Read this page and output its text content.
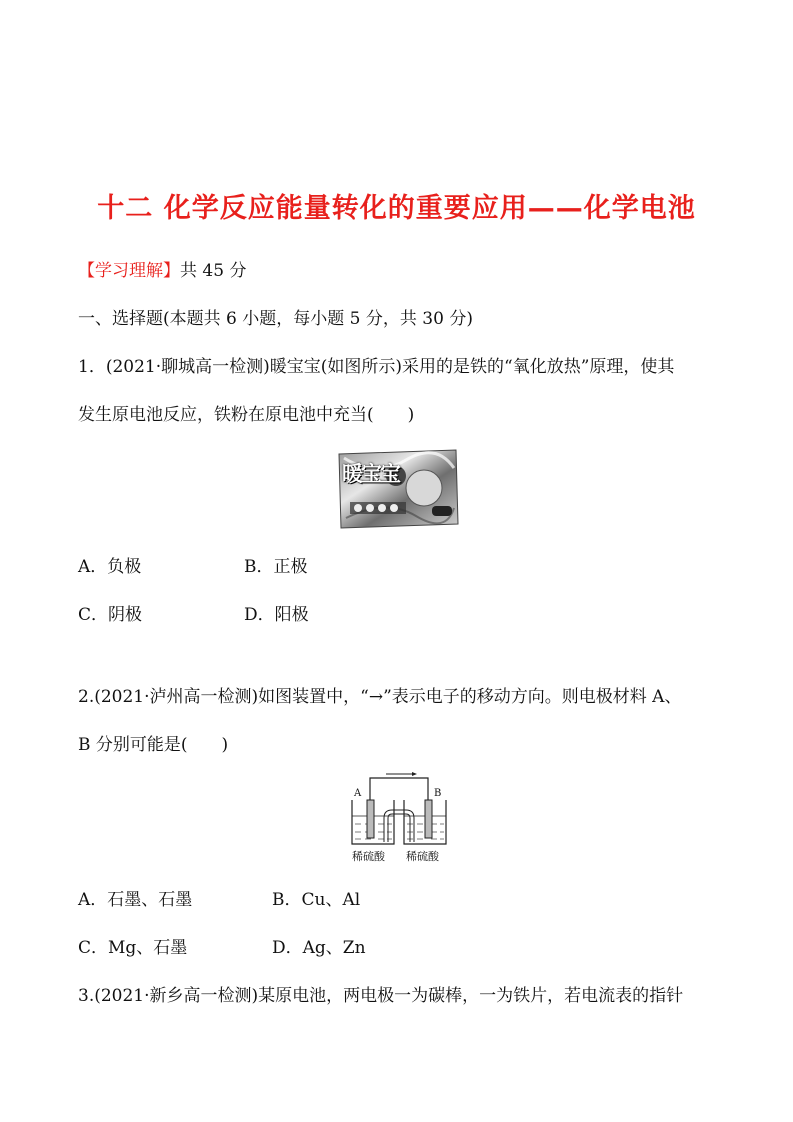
十二 化学反应能量转化的重要应用——化学电池
【学习理解】共 45 分
一、选择题(本题共 6 小题，每小题 5 分，共 30 分)
1．(2021·聊城高一检测)暖宝宝(如图所示)采用的是铁的“氧化放热”原理，使其
发生原电池反应，铁粉在原电池中充当(　　)
暖宝宝
A．负极	B．正极
C．阴极	D．阳极
2.(2021·泸州高一检测)如图装置中，“→”表示电子的移动方向。则电极材料 A、
B 分别可能是(　　)
A	B
稀硫酸 稀硫酸
A．石墨、石墨	B．Cu、Al
C．Mg、石墨	D．Ag、Zn
3.(2021·新乡高一检测)某原电池，两电极一为碳棒，一为铁片，若电流表的指针
